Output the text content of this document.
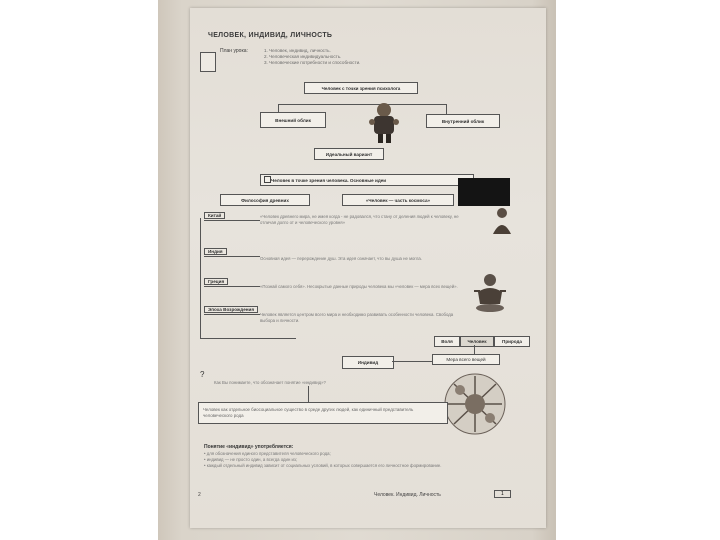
ЧЕЛОВЕК, ИНДИВИД, ЛИЧНОСТЬ
План урока:	1. Человек, индивид, личность.
2. Человеческая индивидуальность.
3. Человеческие потребности и способности.
Человек с точки зрения психолога
Внешний облик	Внутренний облик
Идеальный вариант
Человек в точке зрения человека. Основные идеи
Философия древних	«Человек — часть космоса»
Китай	«Человек древнего мира, не имея когда - не радовался, что стану от деления людей к человеку, не отличая долго от и человеческого уровня»
Индия
Основная идея — перерождение душ. Эта идея означает, что вы душа не могла.
Греция
«Познай самого себя». Несокрытые данные природы человека мы «человек — мера всех вещей».
Эпоха Возрождения
Человек является центром всего мира и необходимо развивать особенности человека. Свобода выбора и личности.
Воля	Человек	Природа
Мера всего вещей
Индивид
?
Как Вы понимаете, что обозначает понятие «индивид»?
Человек как отдельное биосоциальное существо в среде других людей, как единичный представитель человеческого рода
Понятие «индивид» употребляется:
• для обозначения единого представителя человеческого рода;
• индивид — не просто один, а всегда один из;
• каждый отдельный индивид зависит от социальных условий, в которых совершается его личностное формирование.
2	Человек. Индивид. Личность	1
